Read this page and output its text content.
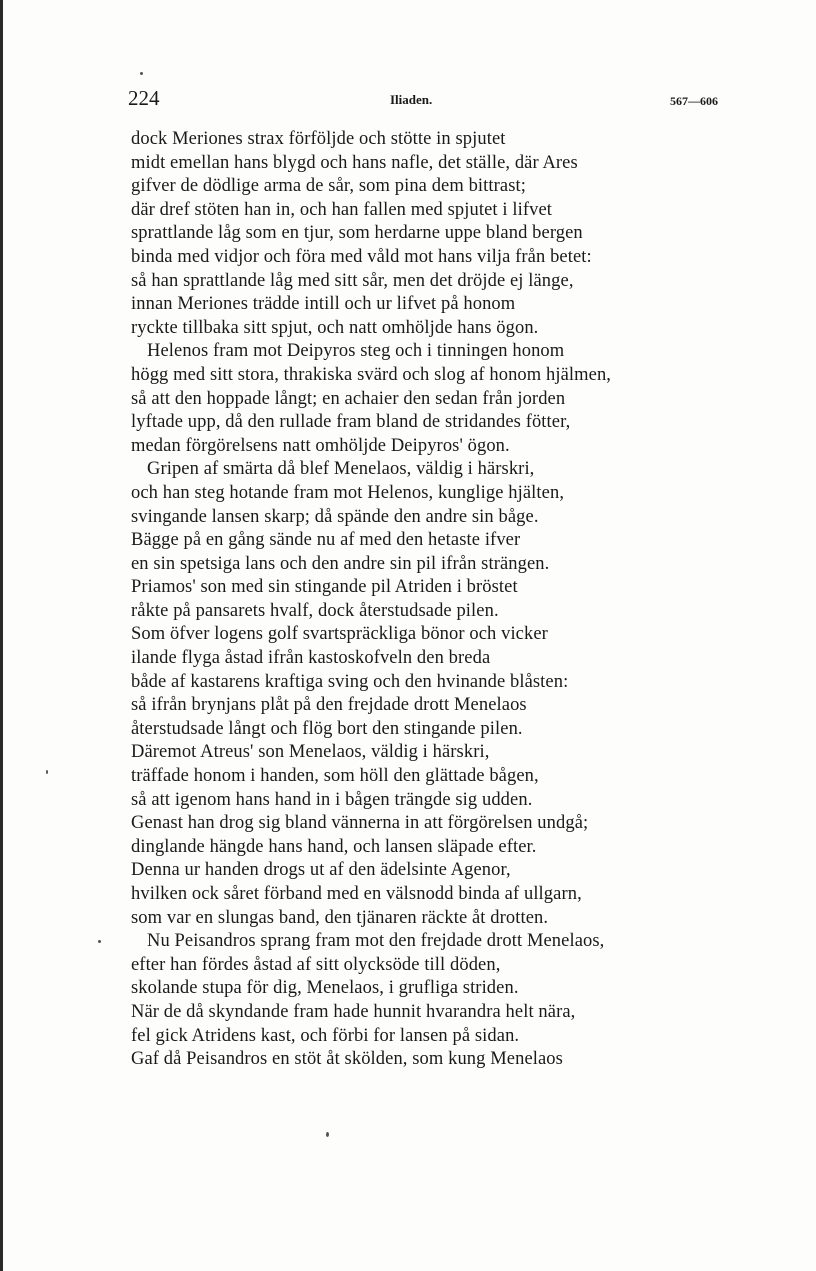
224	Iliaden.	567—606
dock Meriones strax förföljde och stötte in spjutet
midt emellan hans blygd och hans nafle, det ställe, där Ares
gifver de dödlige arma de sår, som pina dem bittrast;
där dref stöten han in, och han fallen med spjutet i lifvet
sprattlande låg som en tjur, som herdarne uppe bland bergen
binda med vidjor och föra med våld mot hans vilja från betet:
så han sprattlande låg med sitt sår, men det dröjde ej länge,
innan Meriones trädde intill och ur lifvet på honom
ryckte tillbaka sitt spjut, och natt omhöljde hans ögon.
Helenos fram mot Deipyros steg och i tinningen honom
högg med sitt stora, thrakiska svärd och slog af honom hjälmen,
så att den hoppade långt; en achaier den sedan från jorden
lyftade upp, då den rullade fram bland de stridandes fötter,
medan förgörelsens natt omhöljde Deipyros' ögon.
Gripen af smärta då blef Menelaos, väldig i härskri,
och han steg hotande fram mot Helenos, kunglige hjälten,
svingande lansen skarp; då spände den andre sin båge.
Bägge på en gång sände nu af med den hetaste ifver
en sin spetsiga lans och den andre sin pil ifrån strängen.
Priamos' son med sin stingande pil Atriden i bröstet
råkte på pansarets hvalf, dock återstudsade pilen.
Som öfver logens golf svartspräckliga bönor och vicker
ilande flyga åstad ifrån kastoskofveln den breda
både af kastarens kraftiga sving och den hvinande blåsten:
så ifrån brynjans plåt på den frejdade drott Menelaos
återstudsade långt och flög bort den stingande pilen.
Däremot Atreus' son Menelaos, väldig i härskri,
träffade honom i handen, som höll den glättade bågen,
så att igenom hans hand in i bågen trängde sig udden.
Genast han drog sig bland vännerna in att förgörelsen undgå;
dinglande hängde hans hand, och lansen släpade efter.
Denna ur handen drogs ut af den ädelsinte Agenor,
hvilken ock såret förband med en välsnodd binda af ullgarn,
som var en slungas band, den tjänaren räckte åt drotten.
Nu Peisandros sprang fram mot den frejdade drott Menelaos,
efter han fördes åstad af sitt olycksöde till döden,
skolande stupa för dig, Menelaos, i grufliga striden.
När de då skyndande fram hade hunnit hvarandra helt nära,
fel gick Atridens kast, och förbi for lansen på sidan.
Gaf då Peisandros en stöt åt skölden, som kung Menelaos
